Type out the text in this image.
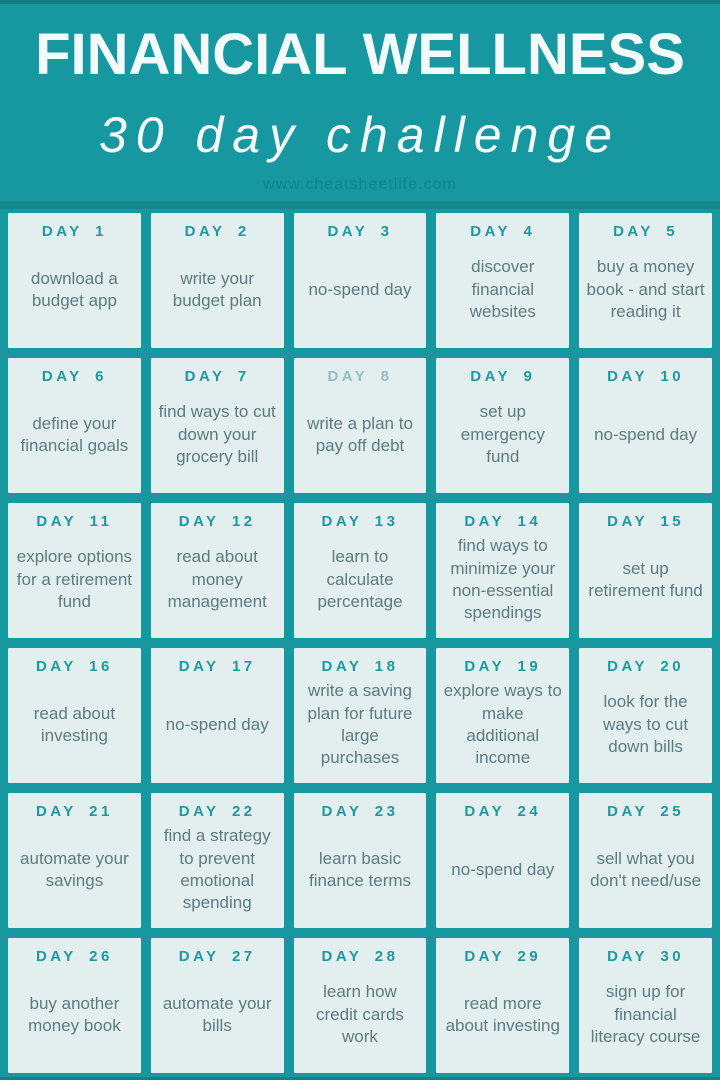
FINANCIAL WELLNESS
30 day challenge
www.cheatsheetlife.com
DAY 1
download a budget app
DAY 2
write your budget plan
DAY 3
no-spend day
DAY 4
discover financial websites
DAY 5
buy a money book - and start reading it
DAY 6
define your financial goals
DAY 7
find ways to cut down your grocery bill
DAY 8
write a plan to pay off debt
DAY 9
set up emergency fund
DAY 10
no-spend day
DAY 11
explore options for a retirement fund
DAY 12
read about money management
DAY 13
learn to calculate percentage
DAY 14
find ways to minimize your non-essential spendings
DAY 15
set up retirement fund
DAY 16
read about investing
DAY 17
no-spend day
DAY 18
write a saving plan for future large purchases
DAY 19
explore ways to make additional income
DAY 20
look for the ways to cut down bills
DAY 21
automate your savings
DAY 22
find a strategy to prevent emotional spending
DAY 23
learn basic finance terms
DAY 24
no-spend day
DAY 25
sell what you don't need/use
DAY 26
buy another money book
DAY 27
automate your bills
DAY 28
learn how credit cards work
DAY 29
read more about investing
DAY 30
sign up for financial literacy course
